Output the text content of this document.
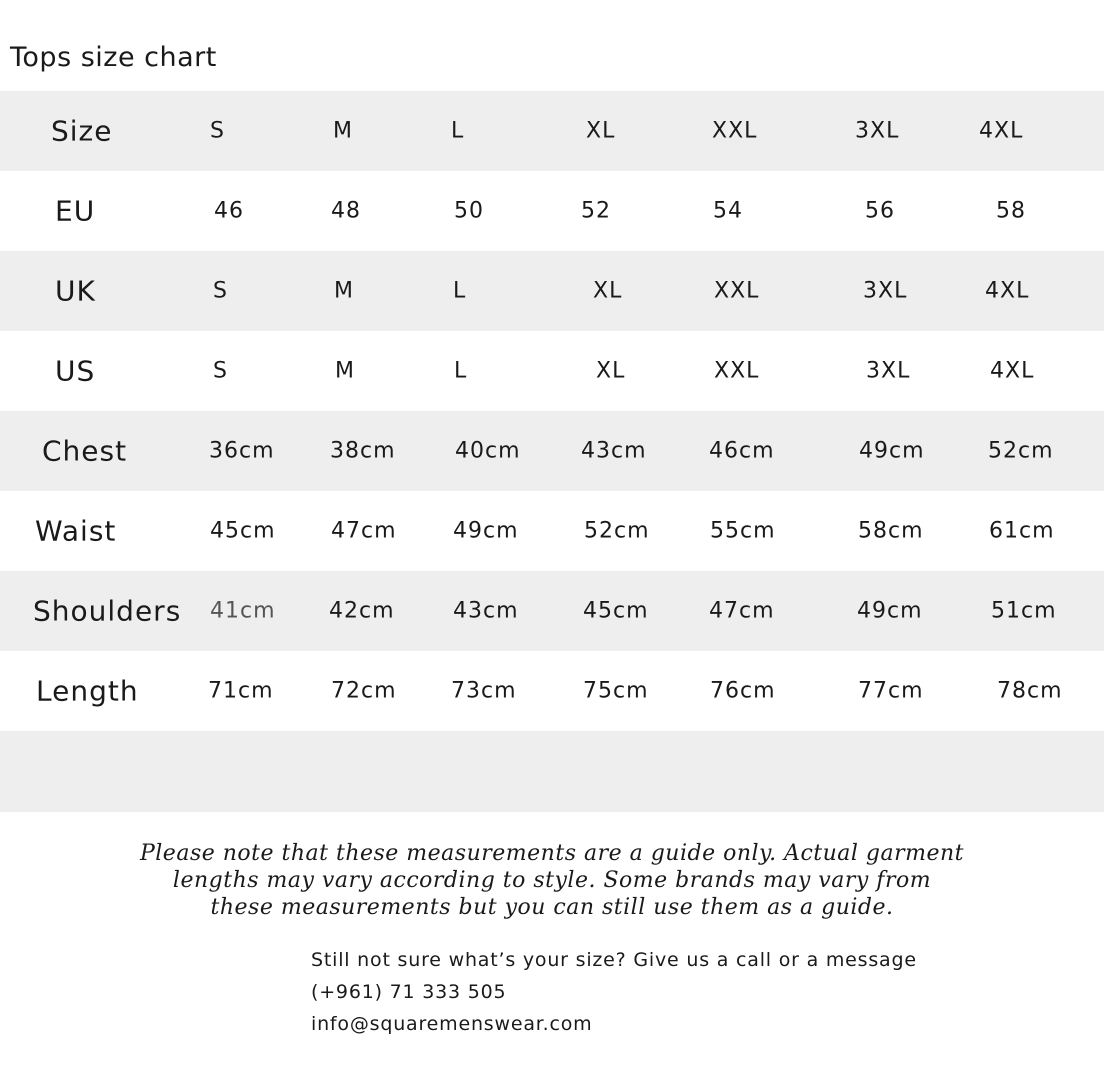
Tops size chart
Size	S	M	L	XL	XXL	3XL	4XL
EU	46	48	50	52	54	56	58
UK	S	M	L	XL	XXL	3XL	4XL
US	S	M	L	XL	XXL	3XL	4XL
Chest	36cm	38cm	40cm	43cm	46cm	49cm	52cm
Waist	45cm	47cm	49cm	52cm	55cm	58cm	61cm
Shoulders 41cm 42cm	43cm	45cm	47cm	49cm	51cm
Length	71cm	72cm 73cm	75cm	76cm	77cm	78cm

Please note that these measurements are a guide only. Actual garment
lengths may vary according to style. Some brands may vary from
these measurements but you can still use them as a guide.

Still not sure what’s your size? Give us a call or a message
(+961) 71 333 505
info@squaremenswear.com
